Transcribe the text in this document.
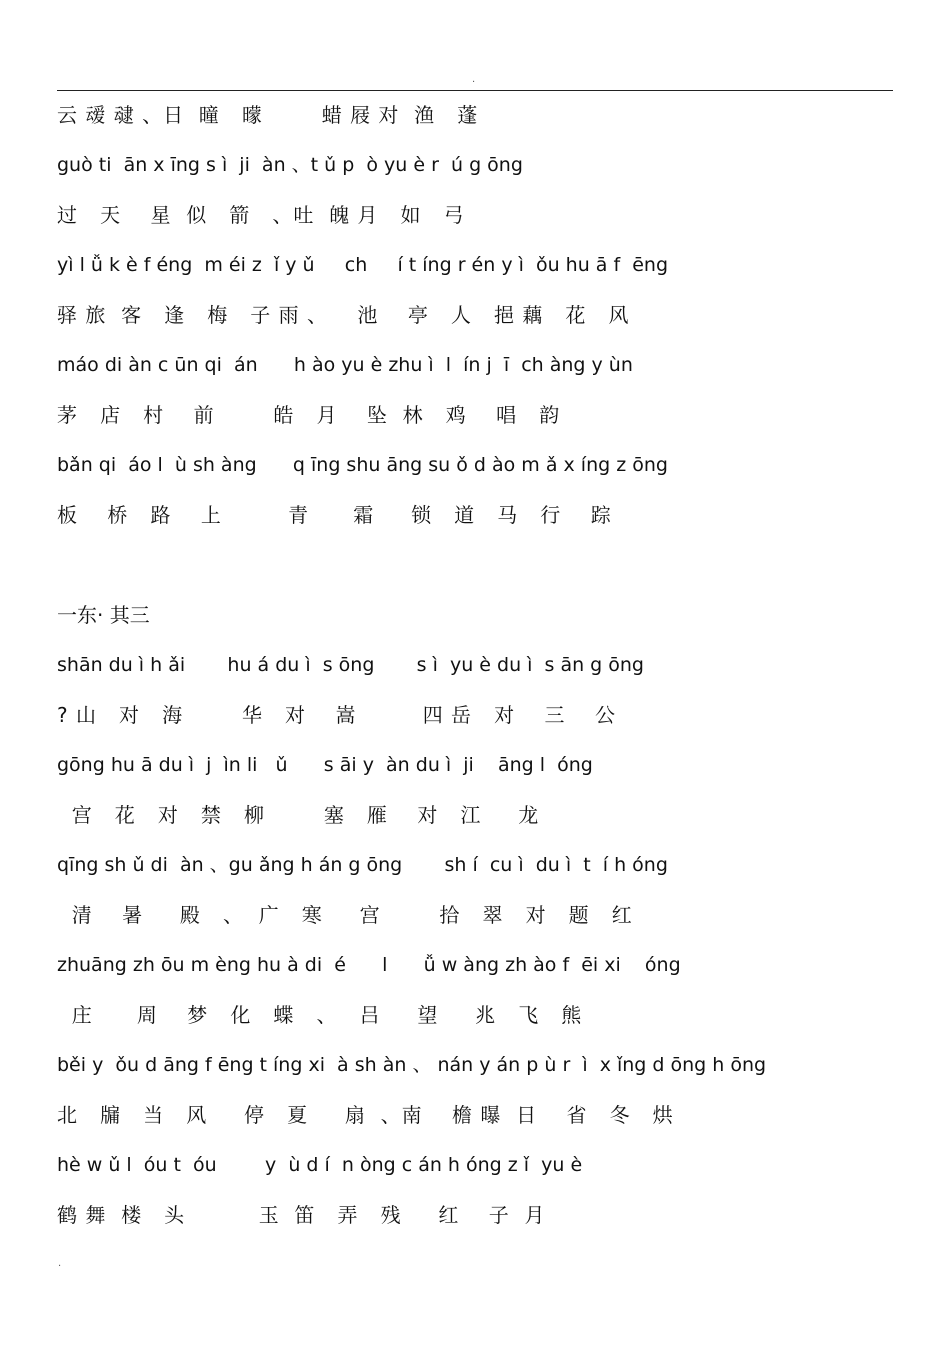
.
云 叆 叇 、日  曈   曚        蜡 屐 对  渔   蓬
guò ti  ān x īng s ì  ji  àn 、t ǔ p  ò yu è r  ú g ōng
过   天    星  似   箭   、吐  魄 月   如   弓
yì l ǚ k è f éng  m éi z  ǐ y ǔ     ch     í t íng r én y ì  ǒu hu ā f  ēng
驿 旅  客   逢   梅   子 雨 、    池    亭   人   挹 藕   花   风
máo di àn c ūn qi  án      h ào yu è zhu ì  l  ín j  ī  ch àng y ùn
茅   店   村    前        皓   月    坠  林   鸡    唱   韵
bǎn qi  áo l  ù sh àng      q īng shu āng su ǒ d ào m ǎ x íng z ōng
板    桥   路    上         青      霜     锁   道   马   行    踪
一东· 其三
shān du ì h ǎi       hu á du ì  s ōng       s ì  yu è du ì  s ān g ōng
? 山   对   海        华   对    嵩         四 岳   对    三    公
gōng hu ā du ì  j  ìn li   ǔ      s āi y  àn du ì  ji    āng l  óng
宫   花   对   禁   柳        塞   雁    对   江     龙
qīng sh ǔ di  àn 、gu ǎng h án g ōng       sh í  cu ì  du ì  t  í h óng
清    暑     殿   、  广   寒     宫        拾   翠   对   题   红
zhuāng zh ōu m èng hu à di  é      l      ǚ w àng zh ào f  ēi xi    óng
庄      周    梦   化   蝶   、   吕     望     兆   飞   熊
běi y  ǒu d āng f ēng t íng xi  à sh àn 、 nán y án p ù r  ì  x ǐng d ōng h ōng
北   牖   当   风     停   夏     扇  、南    檐 曝  日    省   冬   烘
hè w ǔ l  óu t  óu        y  ù d í  n òng c án h óng z ǐ  yu è
鹤 舞  楼   头          玉  笛   弄   残     红    子  月
.
